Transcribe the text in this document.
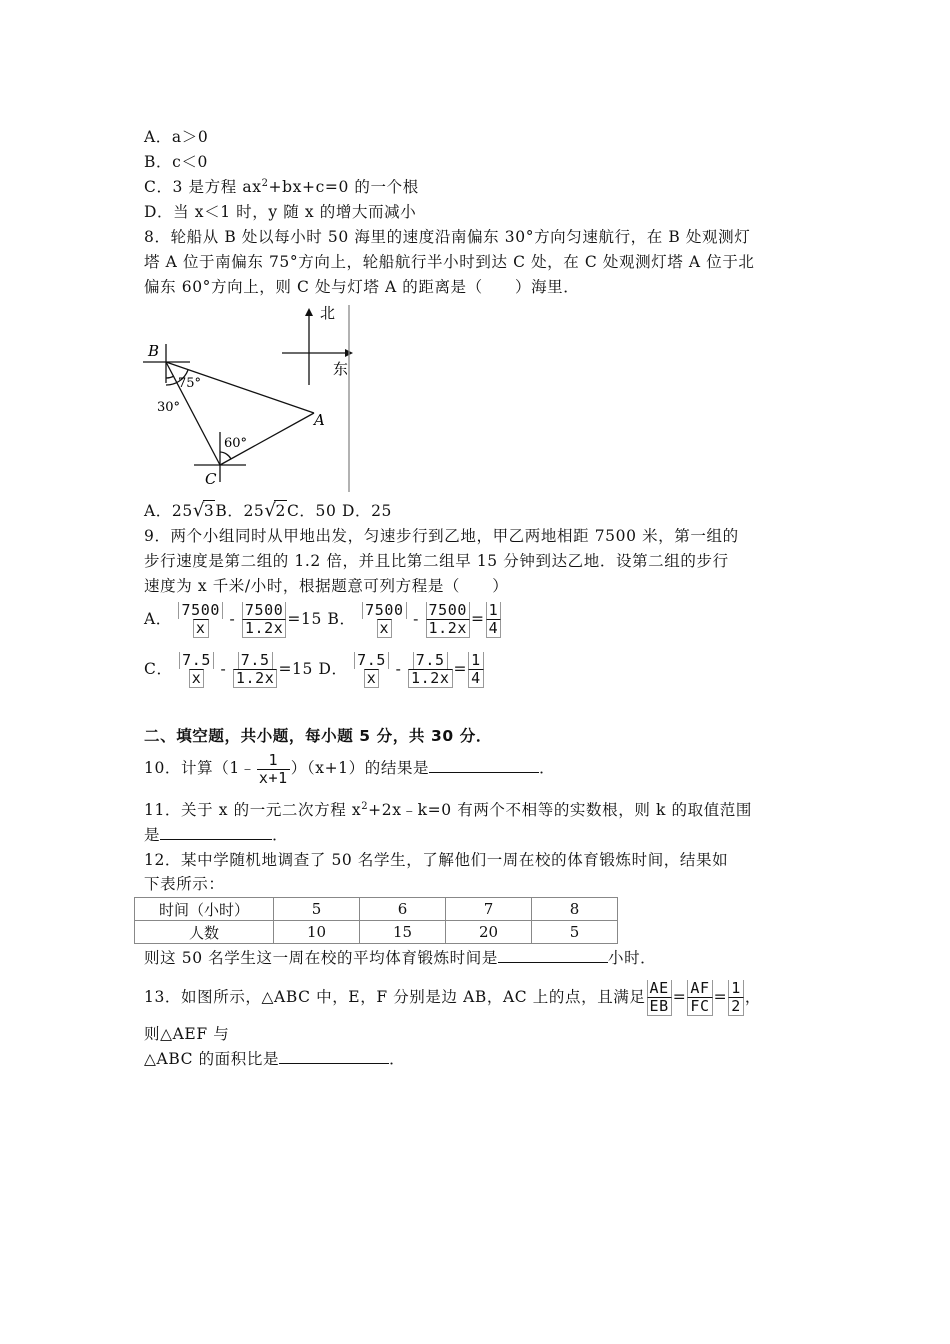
A．a＞0
B．c＜0
C．3 是方程 $ax^2+bx+c=0$ 的一个根
D．当 x＜1 时，y 随 x 的增大而减小
8．轮船从 B 处以每小时 50 海里的速度沿南偏东 30°方向匀速航行，在 B 处观测灯
塔 A 位于南偏东 75°方向上，轮船航行半小时到达 C 处，在 C 处观测灯塔 A 位于北
偏东 60°方向上，则 C 处与灯塔 A 的距离是（　　）海里．
北
东
B
A
C
75°
30°
60°
A．25√3B．25√2C．50 D．25
9．两个小组同时从甲地出发，匀速步行到乙地，甲乙两地相距 7500 米，第一组的
步行速度是第二组的 1.2 倍，并且比第二组早 15 分钟到达乙地．设第二组的步行
速度为 x 千米/小时，根据题意可列方程是（　　）
A． $\frac{7500}{x} - \frac{7500}{1.2x} =15$ B． $\frac{7500}{x} - \frac{7500}{1.2x} = \frac{1}{4}$
C． $\frac{7.5}{x} - \frac{7.5}{1.2x} =15$ D． $\frac{7.5}{x} - \frac{7.5}{1.2x} = \frac{1}{4}$
二、填空题，共小题，每小题 5 分，共 30 分．
10．计算（1﹣ $\frac{1}{x+1} )(x+1)$的结果是	．
11．关于 x 的一元二次方程 $x^2+2x﹣k=0$ 有两个不相等的实数根，则 k 的取值范围
是	．
12．某中学随机地调查了 50 名学生，了解他们一周在校的体育锻炼时间，结果如
下表所示：
时间（小时）	5	6	7	8
人数	10	15	20	5
则这 50 名学生这一周在校的平均体育锻炼时间是	小时．
13．如图所示，△ABC 中，E，F 分别是边 AB，AC 上的点，且满足 $\frac{AE}{EB} = \frac{AF}{FC} = \frac{1}{2}$ ，
则△AEF 与
△ABC 的面积比是	．
